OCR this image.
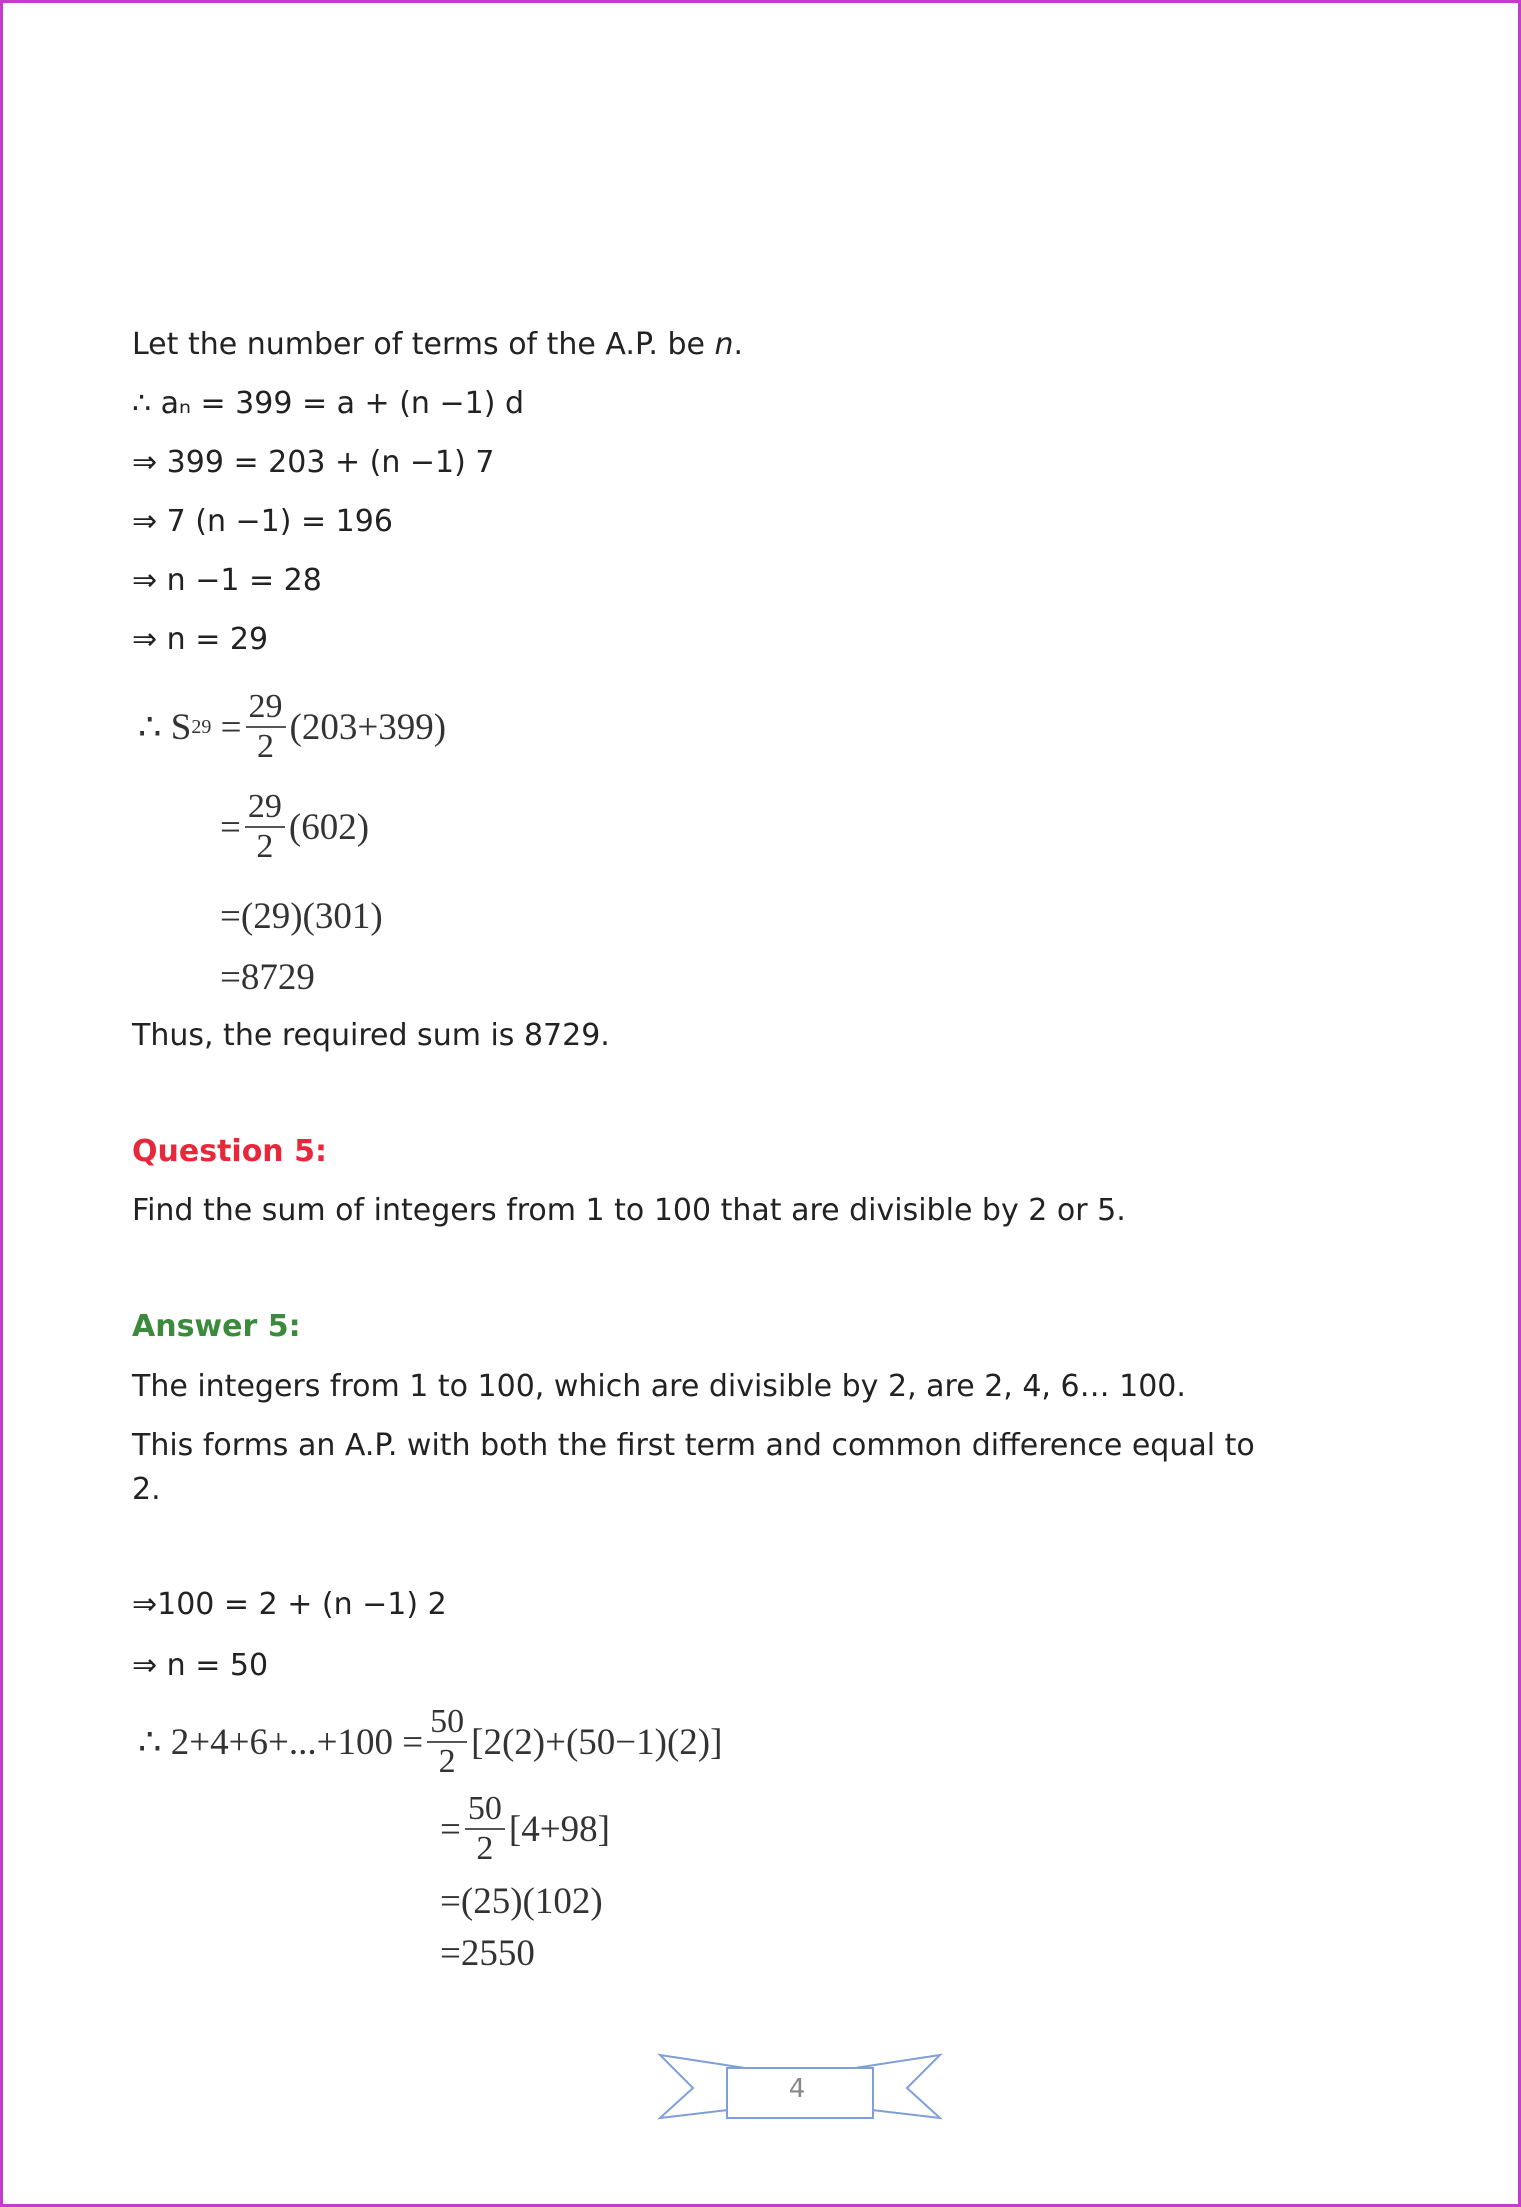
Let the number of terms of the A.P. be n.
∴ aₙ = 399 = a + (n −1) d
⇒ 399 = 203 + (n −1) 7
⇒ 7 (n −1) = 196
⇒ n −1 = 28
⇒ n = 29
∴ S $29 = \frac{29}{2} (203+399)$
= $\frac{29}{2} (602)$
=(29)(301)
=8729
Thus, the required sum is 8729.
Question 5:
Find the sum of integers from 1 to 100 that are divisible by 2 or 5.
Answer 5:
The integers from 1 to 100, which are divisible by 2, are 2, 4, 6… 100.
This forms an A.P. with both the first term and common difference equal to
2.
⇒100 = 2 + (n −1) 2
⇒ n = 50
∴ $2+4+6+...+100 = \frac{50}{2} [2(2)+(50-1)(2)]$
= $\frac{50}{2} [4+98]$
=(25)(102)
=2550
4
